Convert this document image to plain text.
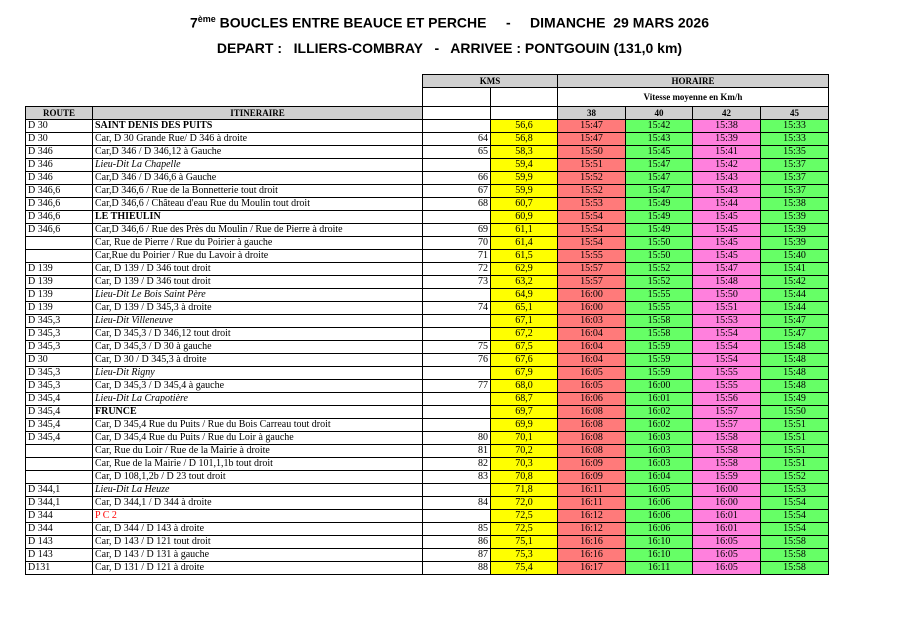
7ème BOUCLES ENTRE BEAUCE ET PERCHE     -     DIMANCHE  29 MARS 2026
DEPART :   ILLIERS-COMBRAY   -   ARRIVEE : PONTGOUIN (131,0 km)
		KMS		HORAIRE			
				Vitesse moyenne en Km/h			
ROUTE	ITINERAIRE			38	40	42	45
D 30	SAINT DENIS DES PUITS		56,6	15:47	15:42	15:38	15:33
D 30	Car, D 30 Grande Rue/ D 346 à droite	64	56,8	15:47	15:43	15:39	15:33
D 346	Car,D 346 / D 346,12 à Gauche	65	58,3	15:50	15:45	15:41	15:35
D 346	Lieu-Dit La Chapelle		59,4	15:51	15:47	15:42	15:37
D 346	Car,D 346 / D 346,6 à Gauche	66	59,9	15:52	15:47	15:43	15:37
D 346,6	Car,D 346,6 / Rue de la Bonnetterie tout droit	67	59,9	15:52	15:47	15:43	15:37
D 346,6	Car,D 346,6 / Château d'eau Rue du Moulin tout droit	68	60,7	15:53	15:49	15:44	15:38
D 346,6	LE THIEULIN		60,9	15:54	15:49	15:45	15:39
D 346,6	Car,D 346,6 / Rue des Près du Moulin / Rue de Pierre à droite	69	61,1	15:54	15:49	15:45	15:39
	Car, Rue de Pierre / Rue du Poirier à gauche	70	61,4	15:54	15:50	15:45	15:39
	Car,Rue du Poirier / Rue du Lavoir à droite	71	61,5	15:55	15:50	15:45	15:40
D 139	Car, D 139 / D 346 tout droit	72	62,9	15:57	15:52	15:47	15:41
D 139	Car, D 139 / D 346 tout droit	73	63,2	15:57	15:52	15:48	15:42
D 139	Lieu-Dit Le Bois Saint Père		64,9	16:00	15:55	15:50	15:44
D 139	Car, D 139 / D 345,3 à droite	74	65,1	16:00	15:55	15:51	15:44
D 345,3	Lieu-Dit Villeneuve		67,1	16:03	15:58	15:53	15:47
D 345,3	Car, D 345,3 / D 346,12 tout droit		67,2	16:04	15:58	15:54	15:47
D 345,3	Car, D 345,3 / D 30 à gauche	75	67,5	16:04	15:59	15:54	15:48
D 30	Car, D 30 / D 345,3 à droite	76	67,6	16:04	15:59	15:54	15:48
D 345,3	Lieu-Dit Rigny		67,9	16:05	15:59	15:55	15:48
D 345,3	Car, D 345,3 / D 345,4 à gauche	77	68,0	16:05	16:00	15:55	15:48
D 345,4	Lieu-Dit La Crapotière		68,7	16:06	16:01	15:56	15:49
D 345,4	FRUNCE		69,7	16:08	16:02	15:57	15:50
D 345,4	Car, D 345,4 Rue du Puits / Rue du Bois Carreau tout droit		69,9	16:08	16:02	15:57	15:51
D 345,4	Car, D 345,4 Rue du Puits / Rue du Loir à gauche	80	70,1	16:08	16:03	15:58	15:51
	Car, Rue du Loir / Rue de la Mairie à droite	81	70,2	16:08	16:03	15:58	15:51
	Car, Rue de la Mairie / D 101,1,1b tout droit	82	70,3	16:09	16:03	15:58	15:51
	Car, D 108,1,2b / D 23 tout droit	83	70,8	16:09	16:04	15:59	15:52
D 344,1	Lieu-Dit La Heuze		71,8	16:11	16:05	16:00	15:53
D 344,1	Car, D 344,1 / D 344 à droite	84	72,0	16:11	16:06	16:00	15:54
D 344	P C 2		72,5	16:12	16:06	16:01	15:54
D 344	Car, D 344 / D 143 à droite	85	72,5	16:12	16:06	16:01	15:54
D 143	Car, D 143 / D 121 tout droit	86	75,1	16:16	16:10	16:05	15:58
D 143	Car, D 143 / D 131 à gauche	87	75,3	16:16	16:10	16:05	15:58
D131	Car, D 131 / D 121 à droite	88	75,4	16:17	16:11	16:05	15:58
